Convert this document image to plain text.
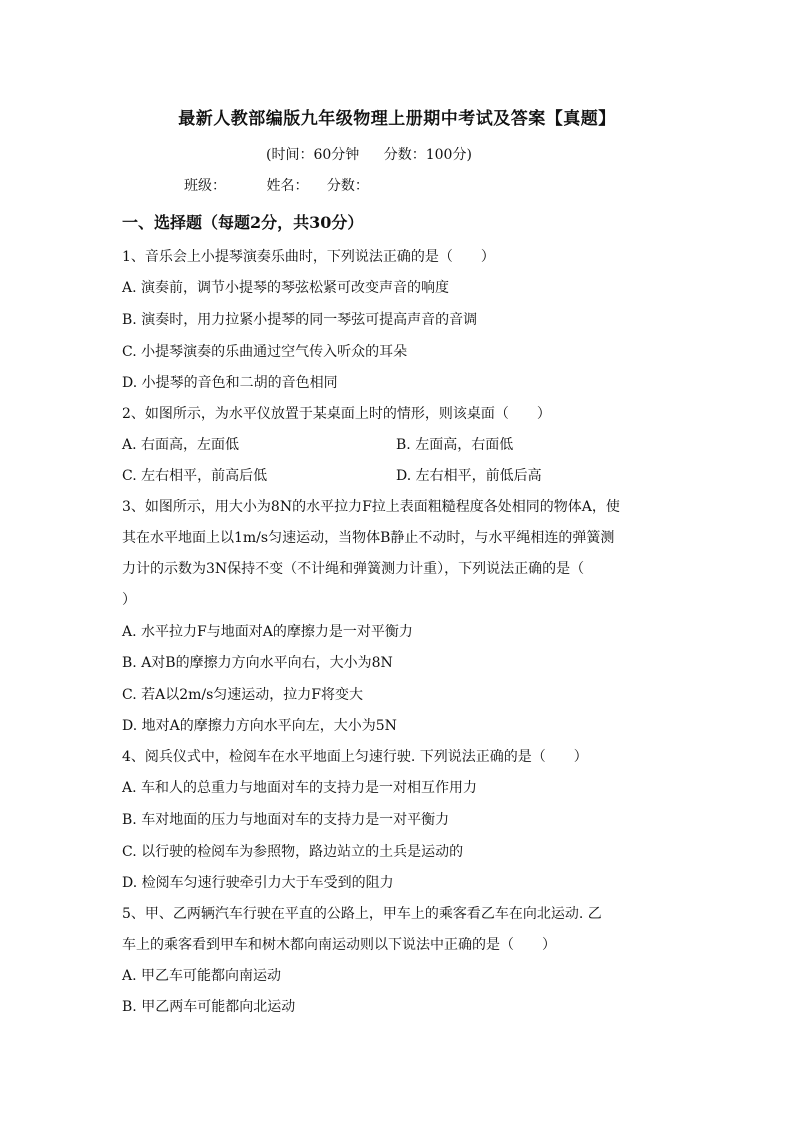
最新人教部编版九年级物理上册期中考试及答案【真题】
(时间：60分钟 分数：100分)
班级：	姓名： 分数：
一、选择题（每题2分，共30分）
1、音乐会上小提琴演奏乐曲时，下列说法正确的是（　　）
A. 演奏前，调节小提琴的琴弦松紧可改变声音的响度
B. 演奏时，用力拉紧小提琴的同一琴弦可提高声音的音调
C. 小提琴演奏的乐曲通过空气传入听众的耳朵
D. 小提琴的音色和二胡的音色相同
2、如图所示，为水平仪放置于某桌面上时的情形，则该桌面（　　）
A. 右面高，左面低	B. 左面高，右面低
C. 左右相平，前高后低	D. 左右相平，前低后高
3、如图所示，用大小为8N的水平拉力F拉上表面粗糙程度各处相同的物体A，使
其在水平地面上以1m/s匀速运动，当物体B静止不动时，与水平绳相连的弹簧测
力计的示数为3N保持不变（不计绳和弹簧测力计重），下列说法正确的是（
）
A. 水平拉力F与地面对A的摩擦力是一对平衡力
B. A对B的摩擦力方向水平向右，大小为8N
C. 若A以2m/s匀速运动，拉力F将变大
D. 地对A的摩擦力方向水平向左，大小为5N
4、阅兵仪式中，检阅车在水平地面上匀速行驶. 下列说法正确的是（　　）
A. 车和人的总重力与地面对车的支持力是一对相互作用力
B. 车对地面的压力与地面对车的支持力是一对平衡力
C. 以行驶的检阅车为参照物，路边站立的土兵是运动的
D. 检阅车匀速行驶牵引力大于车受到的阻力
5、甲、乙两辆汽车行驶在平直的公路上，甲车上的乘客看乙车在向北运动. 乙
车上的乘客看到甲车和树木都向南运动则以下说法中正确的是（　　）
A. 甲乙车可能都向南运动
B. 甲乙两车可能都向北运动
